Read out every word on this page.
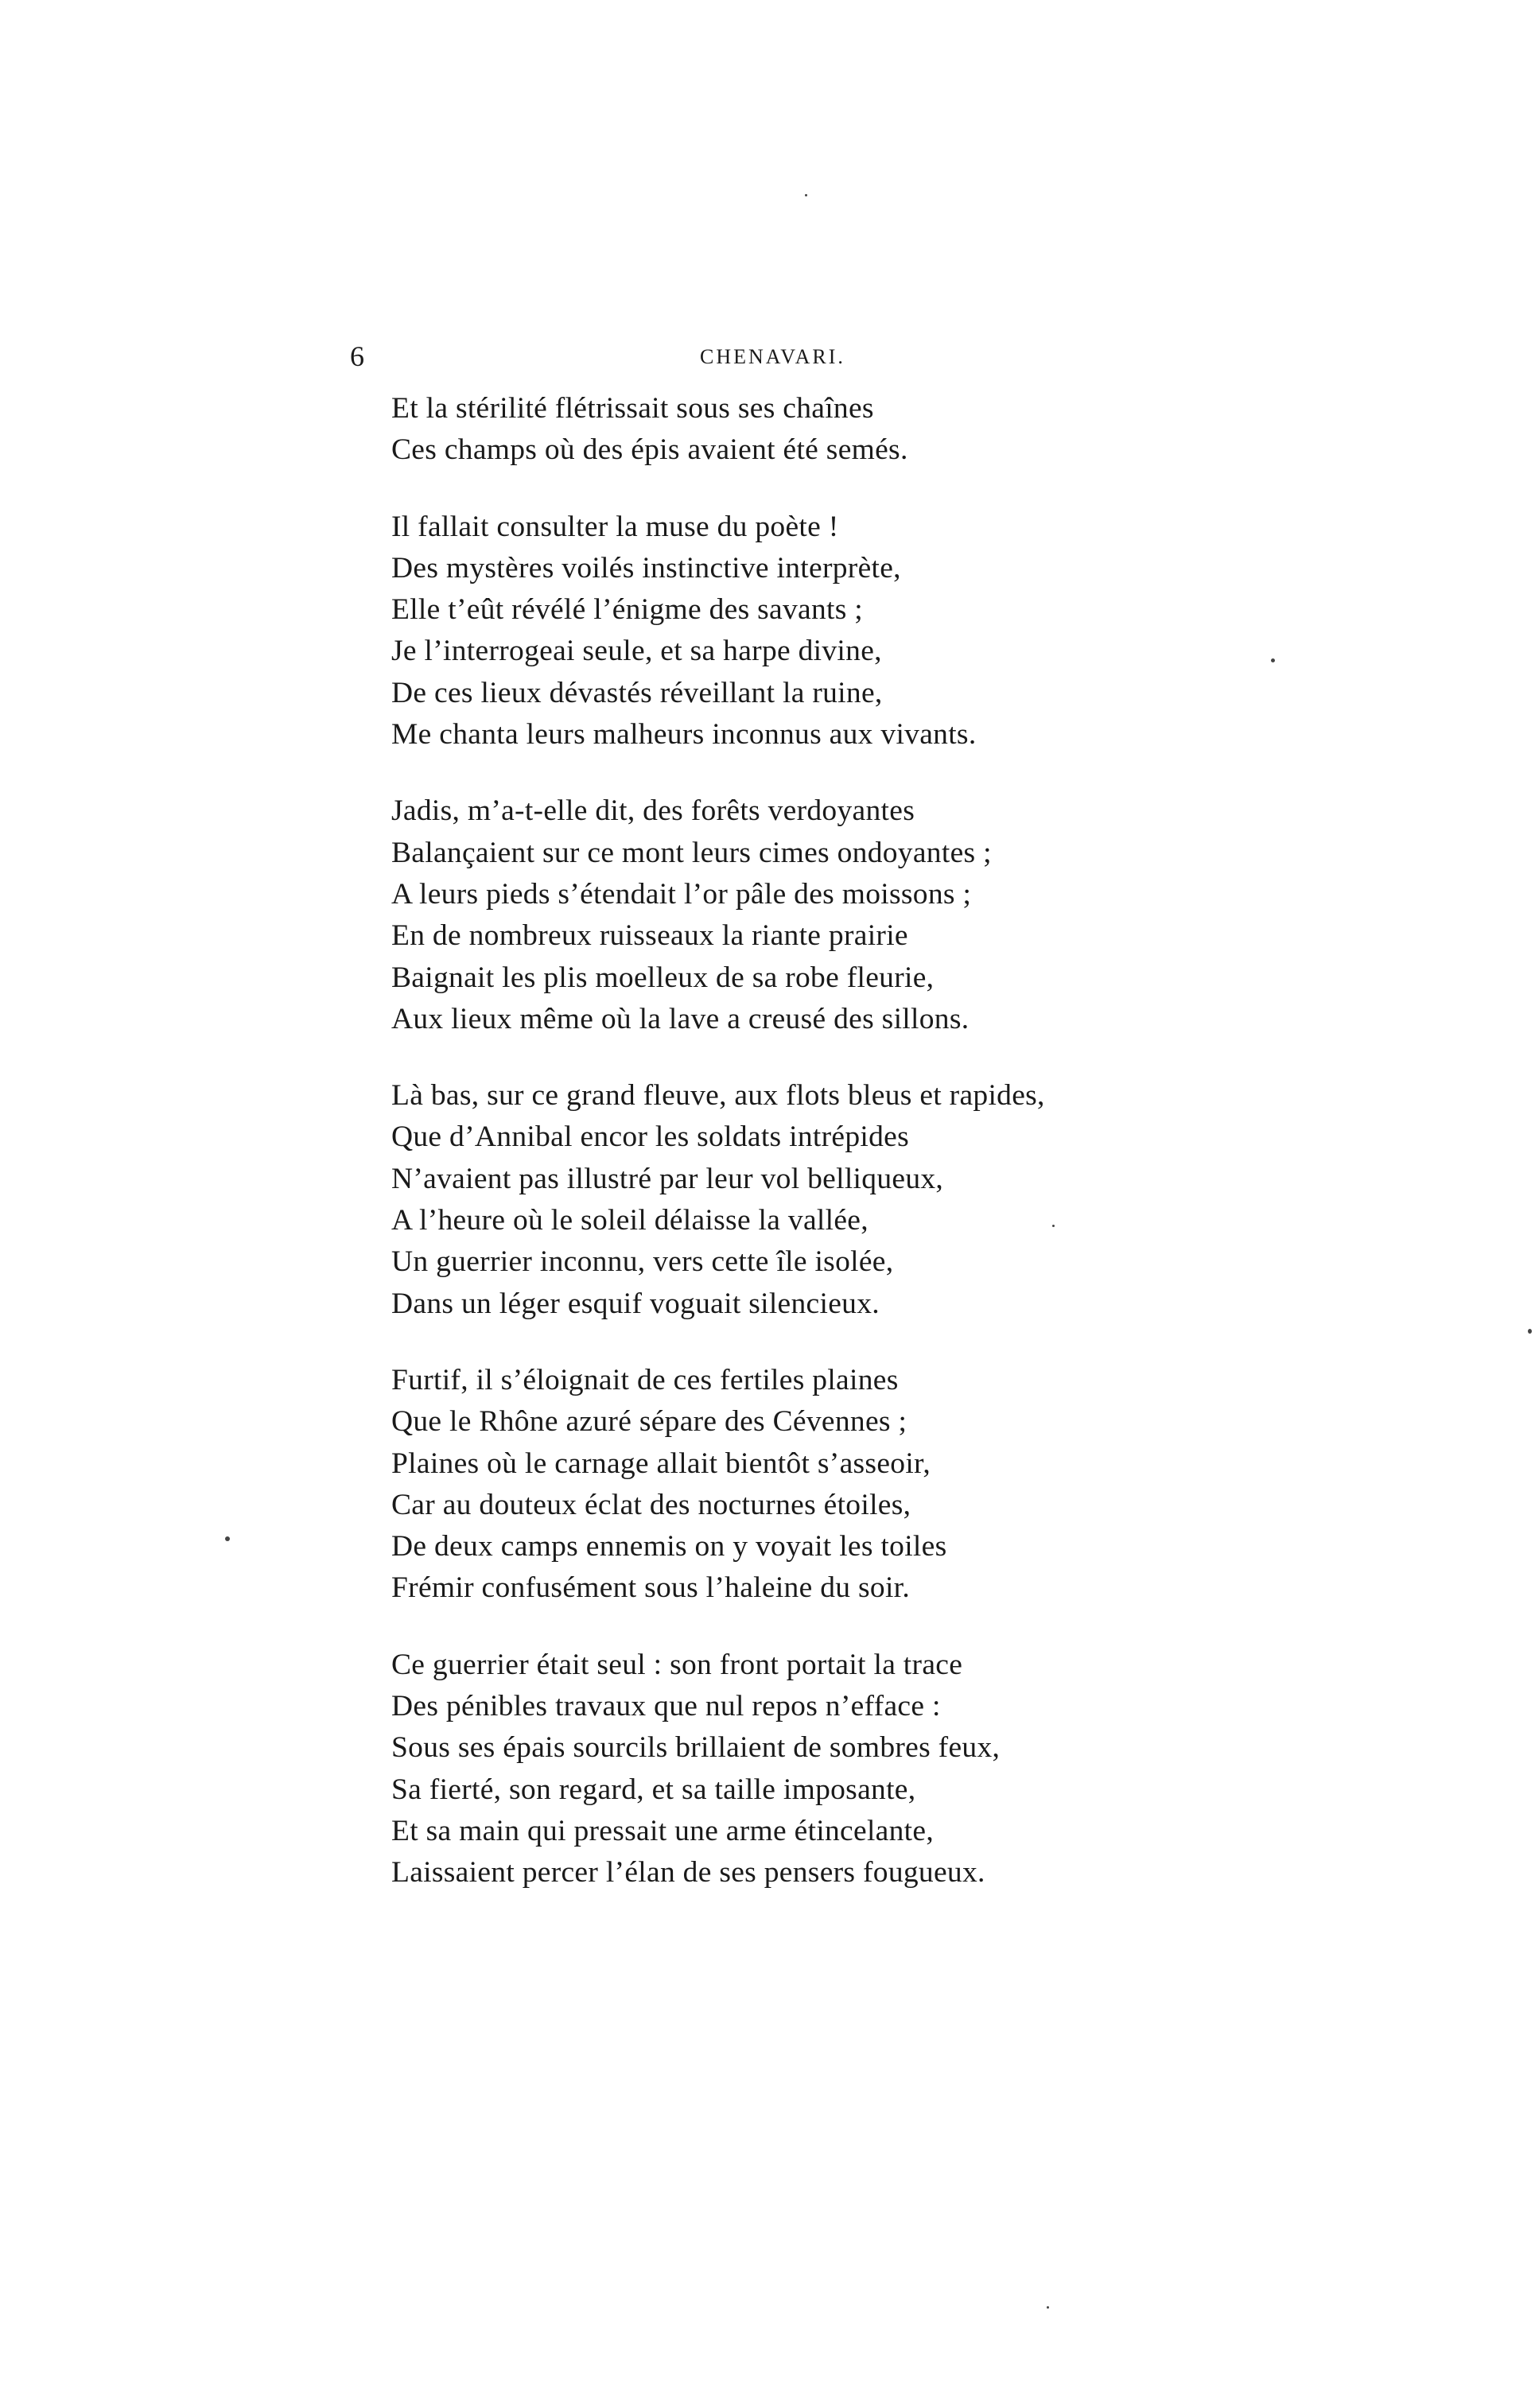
6	CHENAVARI.
Et la stérilité flétrissait sous ses chaînes
Ces champs où des épis avaient été semés.
Il fallait consulter la muse du poète !
Des mystères voilés instinctive interprète,
Elle t’eût révélé l’énigme des savants ;
Je l’interrogeai seule, et sa harpe divine,
De ces lieux dévastés réveillant la ruine,
Me chanta leurs malheurs inconnus aux vivants.
Jadis, m’a-t-elle dit, des forêts verdoyantes
Balançaient sur ce mont leurs cimes ondoyantes ;
A leurs pieds s’étendait l’or pâle des moissons ;
En de nombreux ruisseaux la riante prairie
Baignait les plis moelleux de sa robe fleurie,
Aux lieux même où la lave a creusé des sillons.
Là bas, sur ce grand fleuve, aux flots bleus et rapides,
Que d’Annibal encor les soldats intrépides
N’avaient pas illustré par leur vol belliqueux,
A l’heure où le soleil délaisse la vallée,
Un guerrier inconnu, vers cette île isolée,
Dans un léger esquif voguait silencieux.
Furtif, il s’éloignait de ces fertiles plaines
Que le Rhône azuré sépare des Cévennes ;
Plaines où le carnage allait bientôt s’asseoir,
Car au douteux éclat des nocturnes étoiles,
De deux camps ennemis on y voyait les toiles
Frémir confusément sous l’haleine du soir.
Ce guerrier était seul : son front portait la trace
Des pénibles travaux que nul repos n’efface :
Sous ses épais sourcils brillaient de sombres feux,
Sa fierté, son regard, et sa taille imposante,
Et sa main qui pressait une arme étincelante,
Laissaient percer l’élan de ses pensers fougueux.
